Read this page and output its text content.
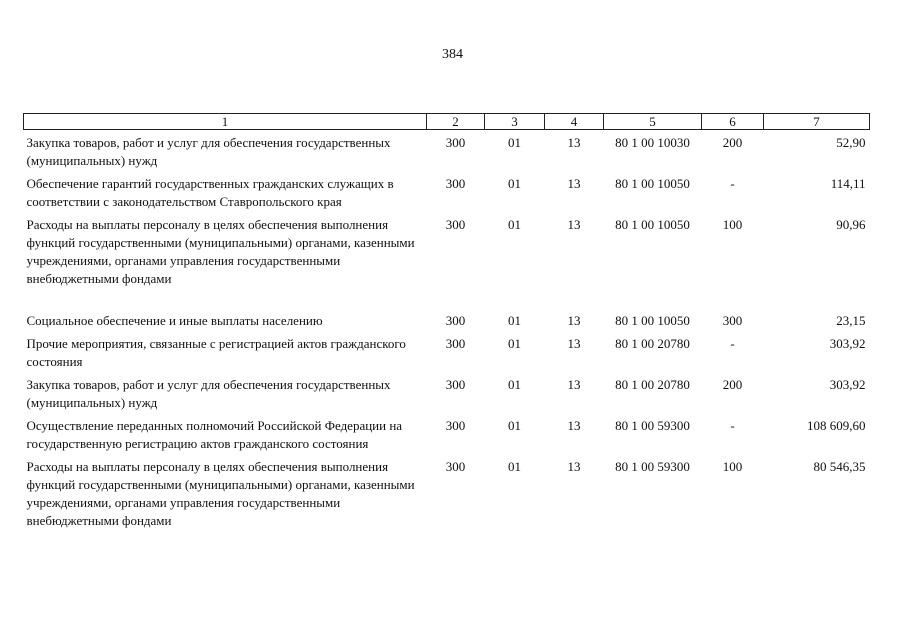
384
1	2	3	4	5	6	7
Закупка товаров, работ и услуг для обеспечения государственных (муниципальных) нужд	300	01	13	80 1 00 10030	200	52,90
Обеспечение гарантий государственных гражданских служащих в соответствии с законодательством Ставропольского края	300	01	13	80 1 00 10050	-	114,11
Расходы на выплаты персоналу в целях обеспечения выполнения функций государственными (муниципальными) органами, казенными учреждениями, органами управления государственными внебюджетными фондами	300	01	13	80 1 00 10050	100	90,96
Социальное обеспечение и иные выплаты населению	300	01	13	80 1 00 10050	300	23,15
Прочие мероприятия, связанные с регистрацией актов гражданского состояния	300	01	13	80 1 00 20780	-	303,92
Закупка товаров, работ и услуг для обеспечения государственных (муниципальных) нужд	300	01	13	80 1 00 20780	200	303,92
Осуществление переданных полномочий Российской Федерации на государственную регистрацию актов гражданского состояния	300	01	13	80 1 00 59300	-	108 609,60
Расходы на выплаты персоналу в целях обеспечения выполнения функций государственными (муниципальными) органами, казенными учреждениями, органами управления государственными внебюджетными фондами	300	01	13	80 1 00 59300	100	80 546,35
